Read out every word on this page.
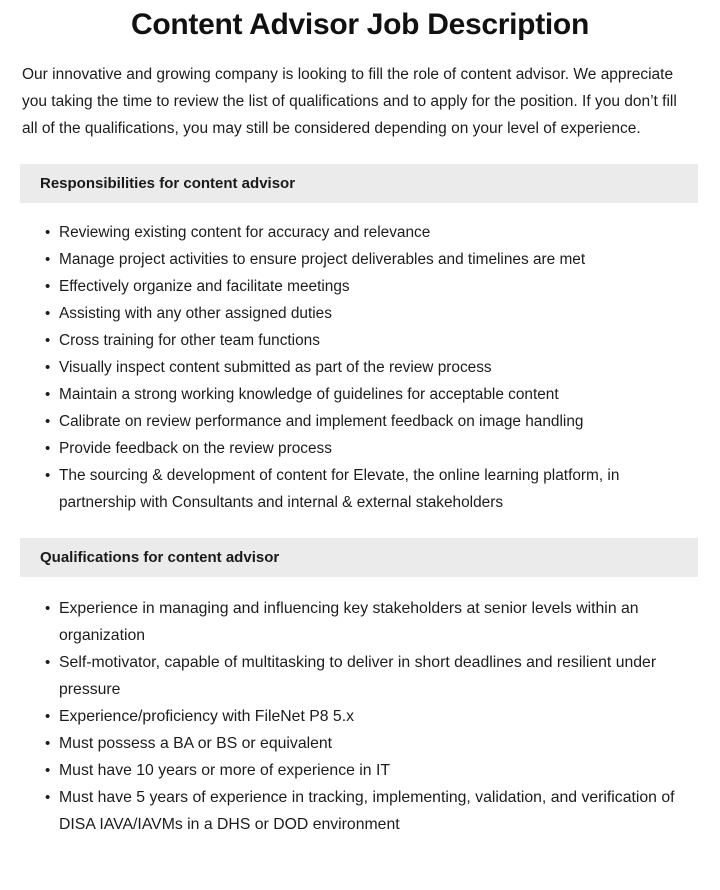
Content Advisor Job Description

Our innovative and growing company is looking to fill the role of content advisor. We appreciate you taking the time to review the list of qualifications and to apply for the position. If you don’t fill all of the qualifications, you may still be considered depending on your level of experience.

Responsibilities for content advisor
• Reviewing existing content for accuracy and relevance
• Manage project activities to ensure project deliverables and timelines are met
• Effectively organize and facilitate meetings
• Assisting with any other assigned duties
• Cross training for other team functions
• Visually inspect content submitted as part of the review process
• Maintain a strong working knowledge of guidelines for acceptable content
• Calibrate on review performance and implement feedback on image handling
• Provide feedback on the review process
• The sourcing & development of content for Elevate, the online learning platform, in partnership with Consultants and internal & external stakeholders
Qualifications for content advisor
• Experience in managing and influencing key stakeholders at senior levels within an organization
• Self-motivator, capable of multitasking to deliver in short deadlines and resilient under pressure
• Experience/proficiency with FileNet P8 5.x
• Must possess a BA or BS or equivalent
• Must have 10 years or more of experience in IT
• Must have 5 years of experience in tracking, implementing, validation, and verification of DISA IAVA/IAVMs in a DHS or DOD environment
